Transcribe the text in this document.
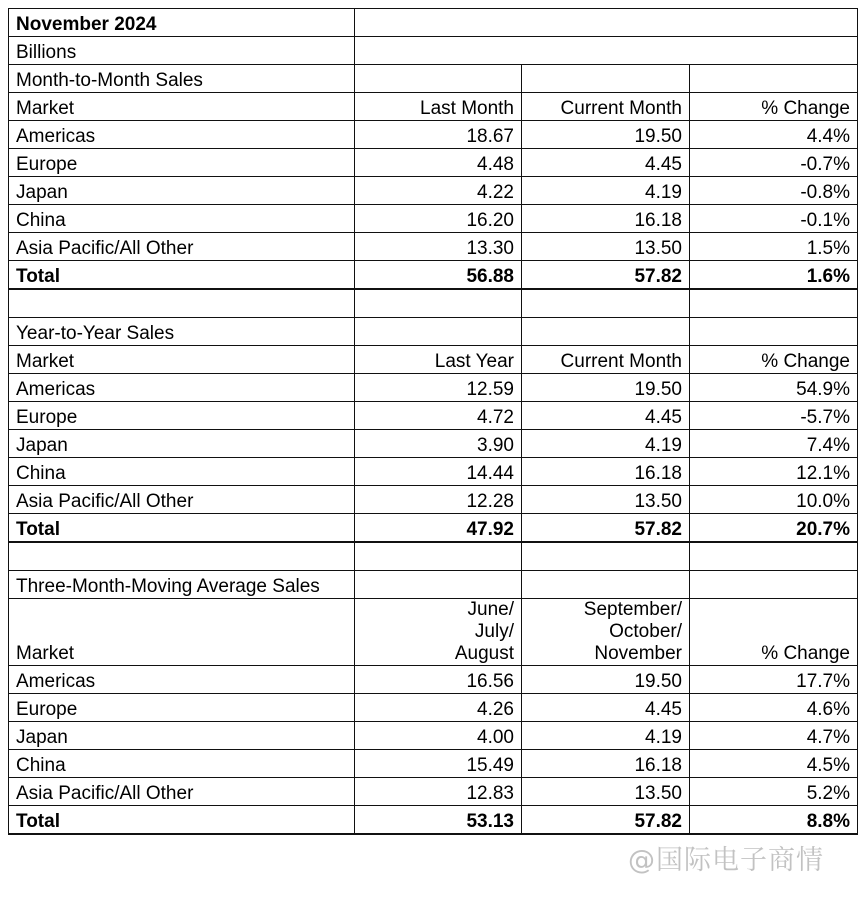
November 2024			
Billions			
Month-to-Month Sales			
Market	Last Month	Current Month	% Change
Americas	18.67	19.50	4.4%
Europe	4.48	4.45	-0.7%
Japan	4.22	4.19	-0.8%
China	16.20	16.18	-0.1%
Asia Pacific/All Other	13.30	13.50	1.5%
Total	56.88	57.82	1.6%

Year-to-Year Sales			
Market	Last Year	Current Month	% Change
Americas	12.59	19.50	54.9%
Europe	4.72	4.45	-5.7%
Japan	3.90	4.19	7.4%
China	14.44	16.18	12.1%
Asia Pacific/All Other	12.28	13.50	10.0%
Total	47.92	57.82	20.7%

Three-Month-Moving Average Sales			
Market	June/
July/
August	September/
October/
November	% Change
Americas	16.56	19.50	17.7%
Europe	4.26	4.45	4.6%
Japan	4.00	4.19	4.7%
China	15.49	16.18	4.5%
Asia Pacific/All Other	12.83	13.50	5.2%
Total	53.13	57.82	8.8%
@国际电子商情
